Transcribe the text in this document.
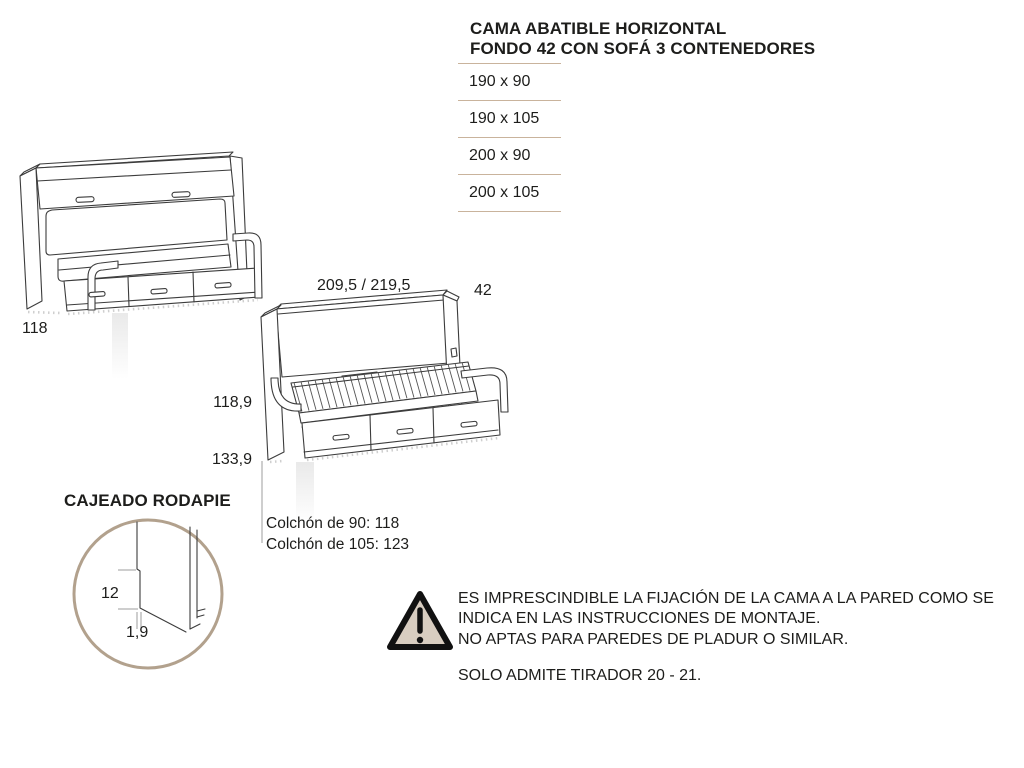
CAMA ABATIBLE HORIZONTAL
FONDO 42 CON SOFÁ 3 CONTENEDORES
190 x 90
190 x 105
200 x 90
200 x 105
118
209,5 / 219,5	42

118,9

133,9

Colchón de 90: 118
Colchón de 105: 123
CAJEADO RODAPIE
12
1,9
ES IMPRESCINDIBLE LA FIJACIÓN DE LA CAMA A LA PARED COMO SE
INDICA EN LAS INSTRUCCIONES DE MONTAJE.
NO APTAS PARA PAREDES DE PLADUR O SIMILAR.
SOLO ADMITE TIRADOR 20 - 21.
